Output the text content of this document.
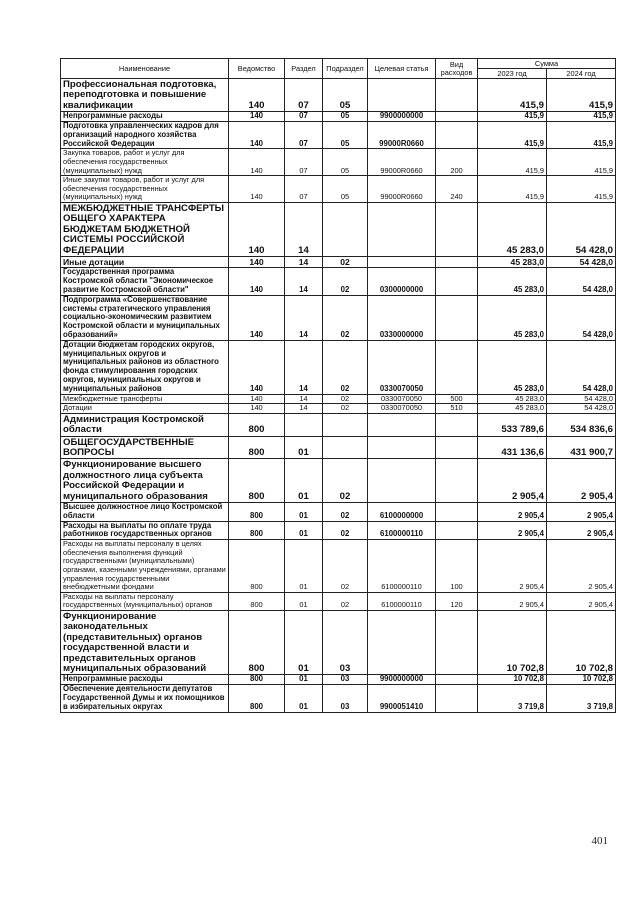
Наименование	Ведомство	Раздел	Подраздел	Целевая статья	Вид расходов	Сумма	
						2023 год	2024 год
Профессиональная подготовка, переподготовка и повышение квалификации	140	07	05			415,9	415,9
Непрограммные расходы	140	07	05	9900000000		415,9	415,9
Подготовка управленческих кадров для организаций народного хозяйства Российской Федерации	140	07	05	99000R0660		415,9	415,9
Закупка товаров, работ и услуг для обеспечения государственных (муниципальных) нужд	140	07	05	99000R0660	200	415,9	415,9
Иные закупки товаров, работ и услуг для обеспечения государственных (муниципальных) нужд	140	07	05	99000R0660	240	415,9	415,9
МЕЖБЮДЖЕТНЫЕ ТРАНСФЕРТЫ ОБЩЕГО ХАРАКТЕРА БЮДЖЕТАМ БЮДЖЕТНОЙ СИСТЕМЫ РОССИЙСКОЙ ФЕДЕРАЦИИ	140	14				45 283,0	54 428,0
Иные дотации	140	14	02			45 283,0	54 428,0
Государственная программа Костромской области "Экономическое развитие Костромской области"	140	14	02	0300000000		45 283,0	54 428,0
Подпрограмма «Совершенствование системы стратегического управления социально-экономическим развитием Костромской области и муниципальных образований»	140	14	02	0330000000		45 283,0	54 428,0
Дотации бюджетам городских округов, муниципальных округов и муниципальных районов из областного фонда стимулирования городских округов, муниципальных округов и муниципальных районов	140	14	02	0330070050		45 283,0	54 428,0
Межбюджетные трансферты	140	14	02	0330070050	500	45 283,0	54 428,0
Дотации	140	14	02	0330070050	510	45 283,0	54 428,0
Администрация Костромской области	800					533 789,6	534 836,6
ОБЩЕГОСУДАРСТВЕННЫЕ ВОПРОСЫ	800	01				431 136,6	431 900,7
Функционирование высшего должностного лица субъекта Российской Федерации и муниципального образования	800	01	02			2 905,4	2 905,4
Высшее должностное лицо Костромской области	800	01	02	6100000000		2 905,4	2 905,4
Расходы на выплаты по оплате труда работников государственных органов	800	01	02	6100000110		2 905,4	2 905,4
Расходы на выплаты персоналу в целях обеспечения выполнения функций государственными (муниципальными) органами, казенными учреждениями, органами управления государственными внебюджетными фондами	800	01	02	6100000110	100	2 905,4	2 905,4
Расходы на выплаты персоналу государственных (муниципальных) органов	800	01	02	6100000110	120	2 905,4	2 905,4
Функционирование законодательных (представительных) органов государственной власти и представительных органов муниципальных образований	800	01	03			10 702,8	10 702,8
Непрограммные расходы	800	01	03	9900000000		10 702,8	10 702,8
Обеспечение деятельности депутатов Государственной Думы и их помощников в избирательных округах	800	01	03	9900051410		3 719,8	3 719,8
401
